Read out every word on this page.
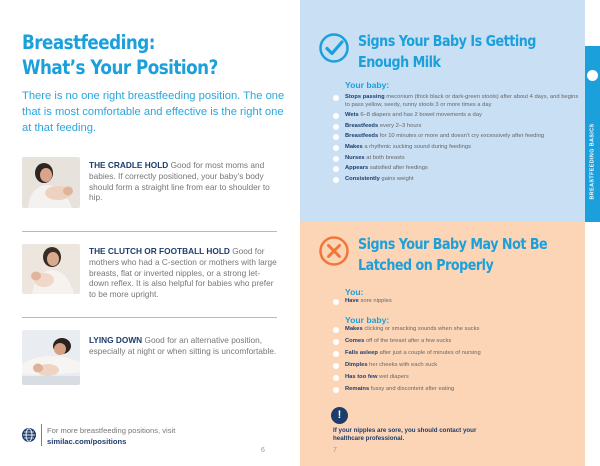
Breastfeeding:
What’s Your Position?

There is no one right breastfeeding position. The one that is most comfortable and effective is the right one at that feeding.

THE CRADLE HOLD Good for most moms and babies. If correctly positioned, your baby’s body should form a straight line from ear to shoulder to hip.

THE CLUTCH OR FOOTBALL HOLD Good for mothers who had a C-section or mothers with large breasts, flat or inverted nipples, or a strong let-down reflex. It is also helpful for babies who prefer to be more upright.

LYING DOWN Good for an alternative position, especially at night or when sitting is uncomfortable.

For more breastfeeding positions, visit
similac.com/positions
6
Signs Your Baby Is Getting
Enough Milk
Your baby:
Stops passing meconium (thick black or dark-green stools) after about 4 days, and begins to pass yellow, seedy, runny stools 3 or more times a day
Wets 6–8 diapers and has 2 bowel movements a day
Breastfeeds every 2–3 hours
Breastfeeds for 10 minutes or more and doesn’t cry excessively after feeding
Makes a rhythmic sucking sound during feedings
Nurses at both breasts
Appears satisfied after feedings
Consistently gains weight
Signs Your Baby May Not Be
Latched on Properly
You:
Have sore nipples
Your baby:
Makes clicking or smacking sounds when she sucks
Comes off of the breast after a few sucks
Falls asleep after just a couple of minutes of nursing
Dimples her cheeks with each suck
Has too few wet diapers
Remains fussy and discontent after eating
!

If your nipples are sore, you should contact your healthcare professional.

7
